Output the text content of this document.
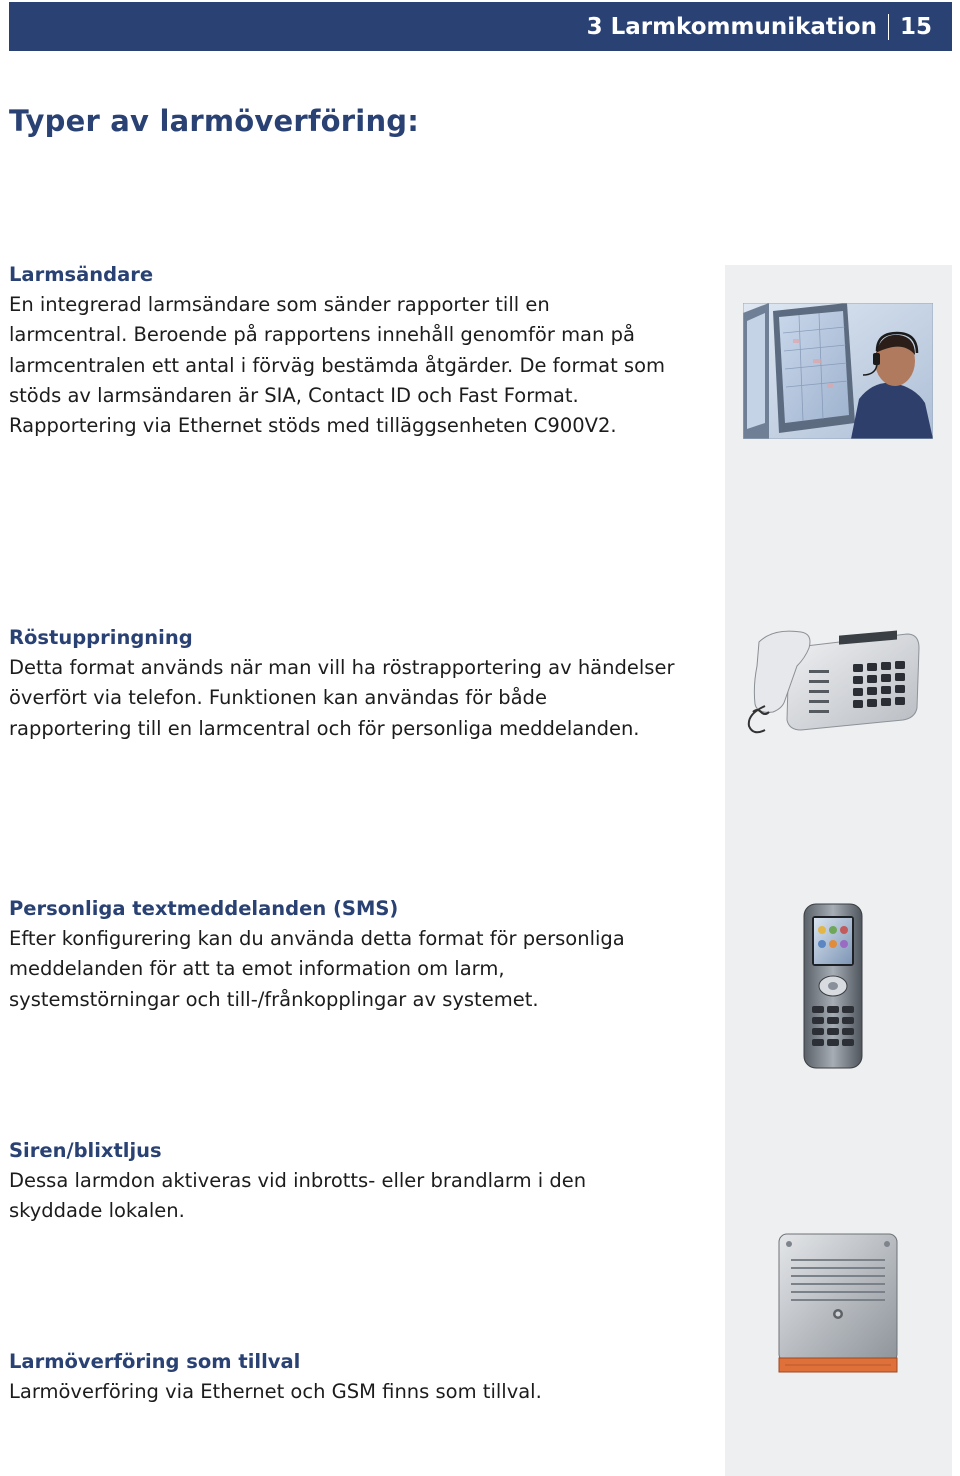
3 Larmkommunikation 15
Typer av larmöverföring:
Larmsändare

En integrerad larmsändare som sänder rapporter till en

larmcentral. Beroende på rapportens innehåll genomför man på

larmcentralen ett antal i förväg bestämda åtgärder. De format som

stöds av larmsändaren är SIA, Contact ID och Fast Format.

Rapportering via Ethernet stöds med tilläggsenheten C900V2.

Röstuppringning

Detta format används när man vill ha röstrapportering av händelser

överfört via telefon. Funktionen kan användas för både

rapportering till en larmcentral och för personliga meddelanden.

Personliga textmeddelanden (SMS)

Efter konfigurering kan du använda detta format för personliga

meddelanden för att ta emot information om larm,

systemstörningar och till-/frånkopplingar av systemet.

Siren/blixtljus

Dessa larmdon aktiveras vid inbrotts- eller brandlarm i den

skyddade lokalen.

Larmöverföring som tillval

Larmöverföring via Ethernet och GSM finns som tillval.
